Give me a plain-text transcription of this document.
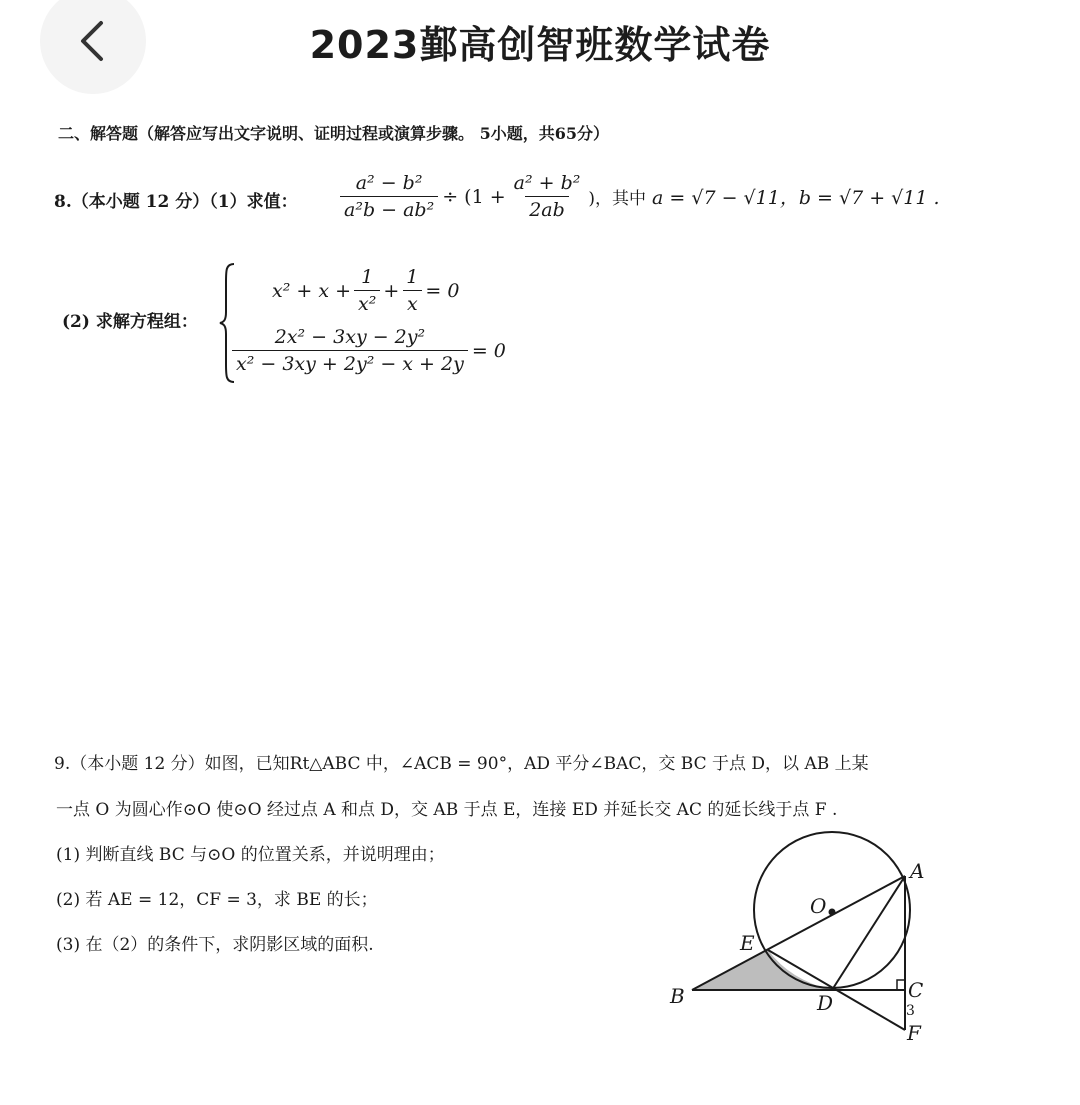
2023鄞高创智班数学试卷
二、解答题（解答应写出文字说明、证明过程或演算步骤。 5小题，共65分）
8.（本小题 12 分）（1）求值： $\frac{\text{a² − b²}}{\text{a²b − ab²}} \div (1 + \frac{\text{a² + b²}}{2ab}$ )，其中 a = √7 − √11，b = √7 + √11 .
(2) 求解方程组：
$x^2 + x + \frac{1}{\text{x²}} + \frac{1}{x} = 0$
$\frac{\text{2x² − 3xy − 2y²}}{\text{x² − 3xy + 2y² − x + 2y}} = 0$
9.（本小题 12 分）如图，已知Rt△ABC 中，∠ACB = 90°，AD 平分∠BAC，交 BC 于点 D，以 AB 上某
一点 O 为圆心作⊙O 使⊙O 经过点 A 和点 D，交 AB 于点 E，连接 ED 并延长交 AC 的延长线于点 F .
(1) 判断直线 BC 与⊙O 的位置关系，并说明理由；
(2) 若 AE = 12，CF = 3，求 BE 的长；
(3) 在（2）的条件下，求阴影区域的面积.
A
O
E
B	D
C
3
F
